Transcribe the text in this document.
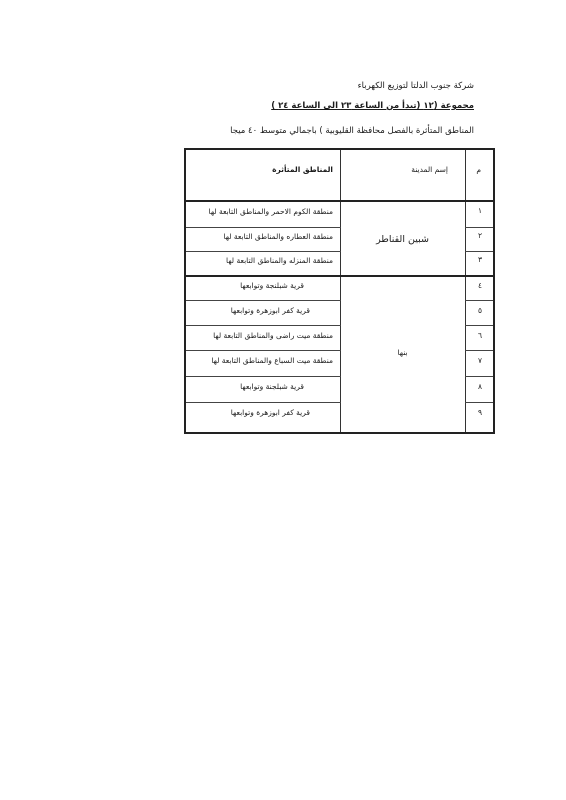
شركة جنوب الدلتا لتوزيع الكهرباء
مجموعة (١٢ (تبدأ من الساعة ٢٣ الى الساعة ٢٤ )
المناطق المتأثرة بالفصل محافظة القليوبية ) باجمالي متوسط ٤٠ ميجا
المناطق المتأثرة	إسم المدينة	م
منطقة الكوم الاحمر والمناطق التابعة لها
منطقة العطاره والمناطق التابعة لها
منطقة المنزله والمناطق التابعة لها
قرية شبلنجة وتوابعها
قرية كفر ابوزهرة وتوابعها
منطقة ميت راضى والمناطق التابعة لها
منطقة ميت السباع والمناطق التابعة لها
قرية شبلجنة وتوابعها
قرية كفر ابوزهرة وتوابعها
شبين القناطر
بنها
١
٢
٣
٤
٥
٦
٧
٨
٩
